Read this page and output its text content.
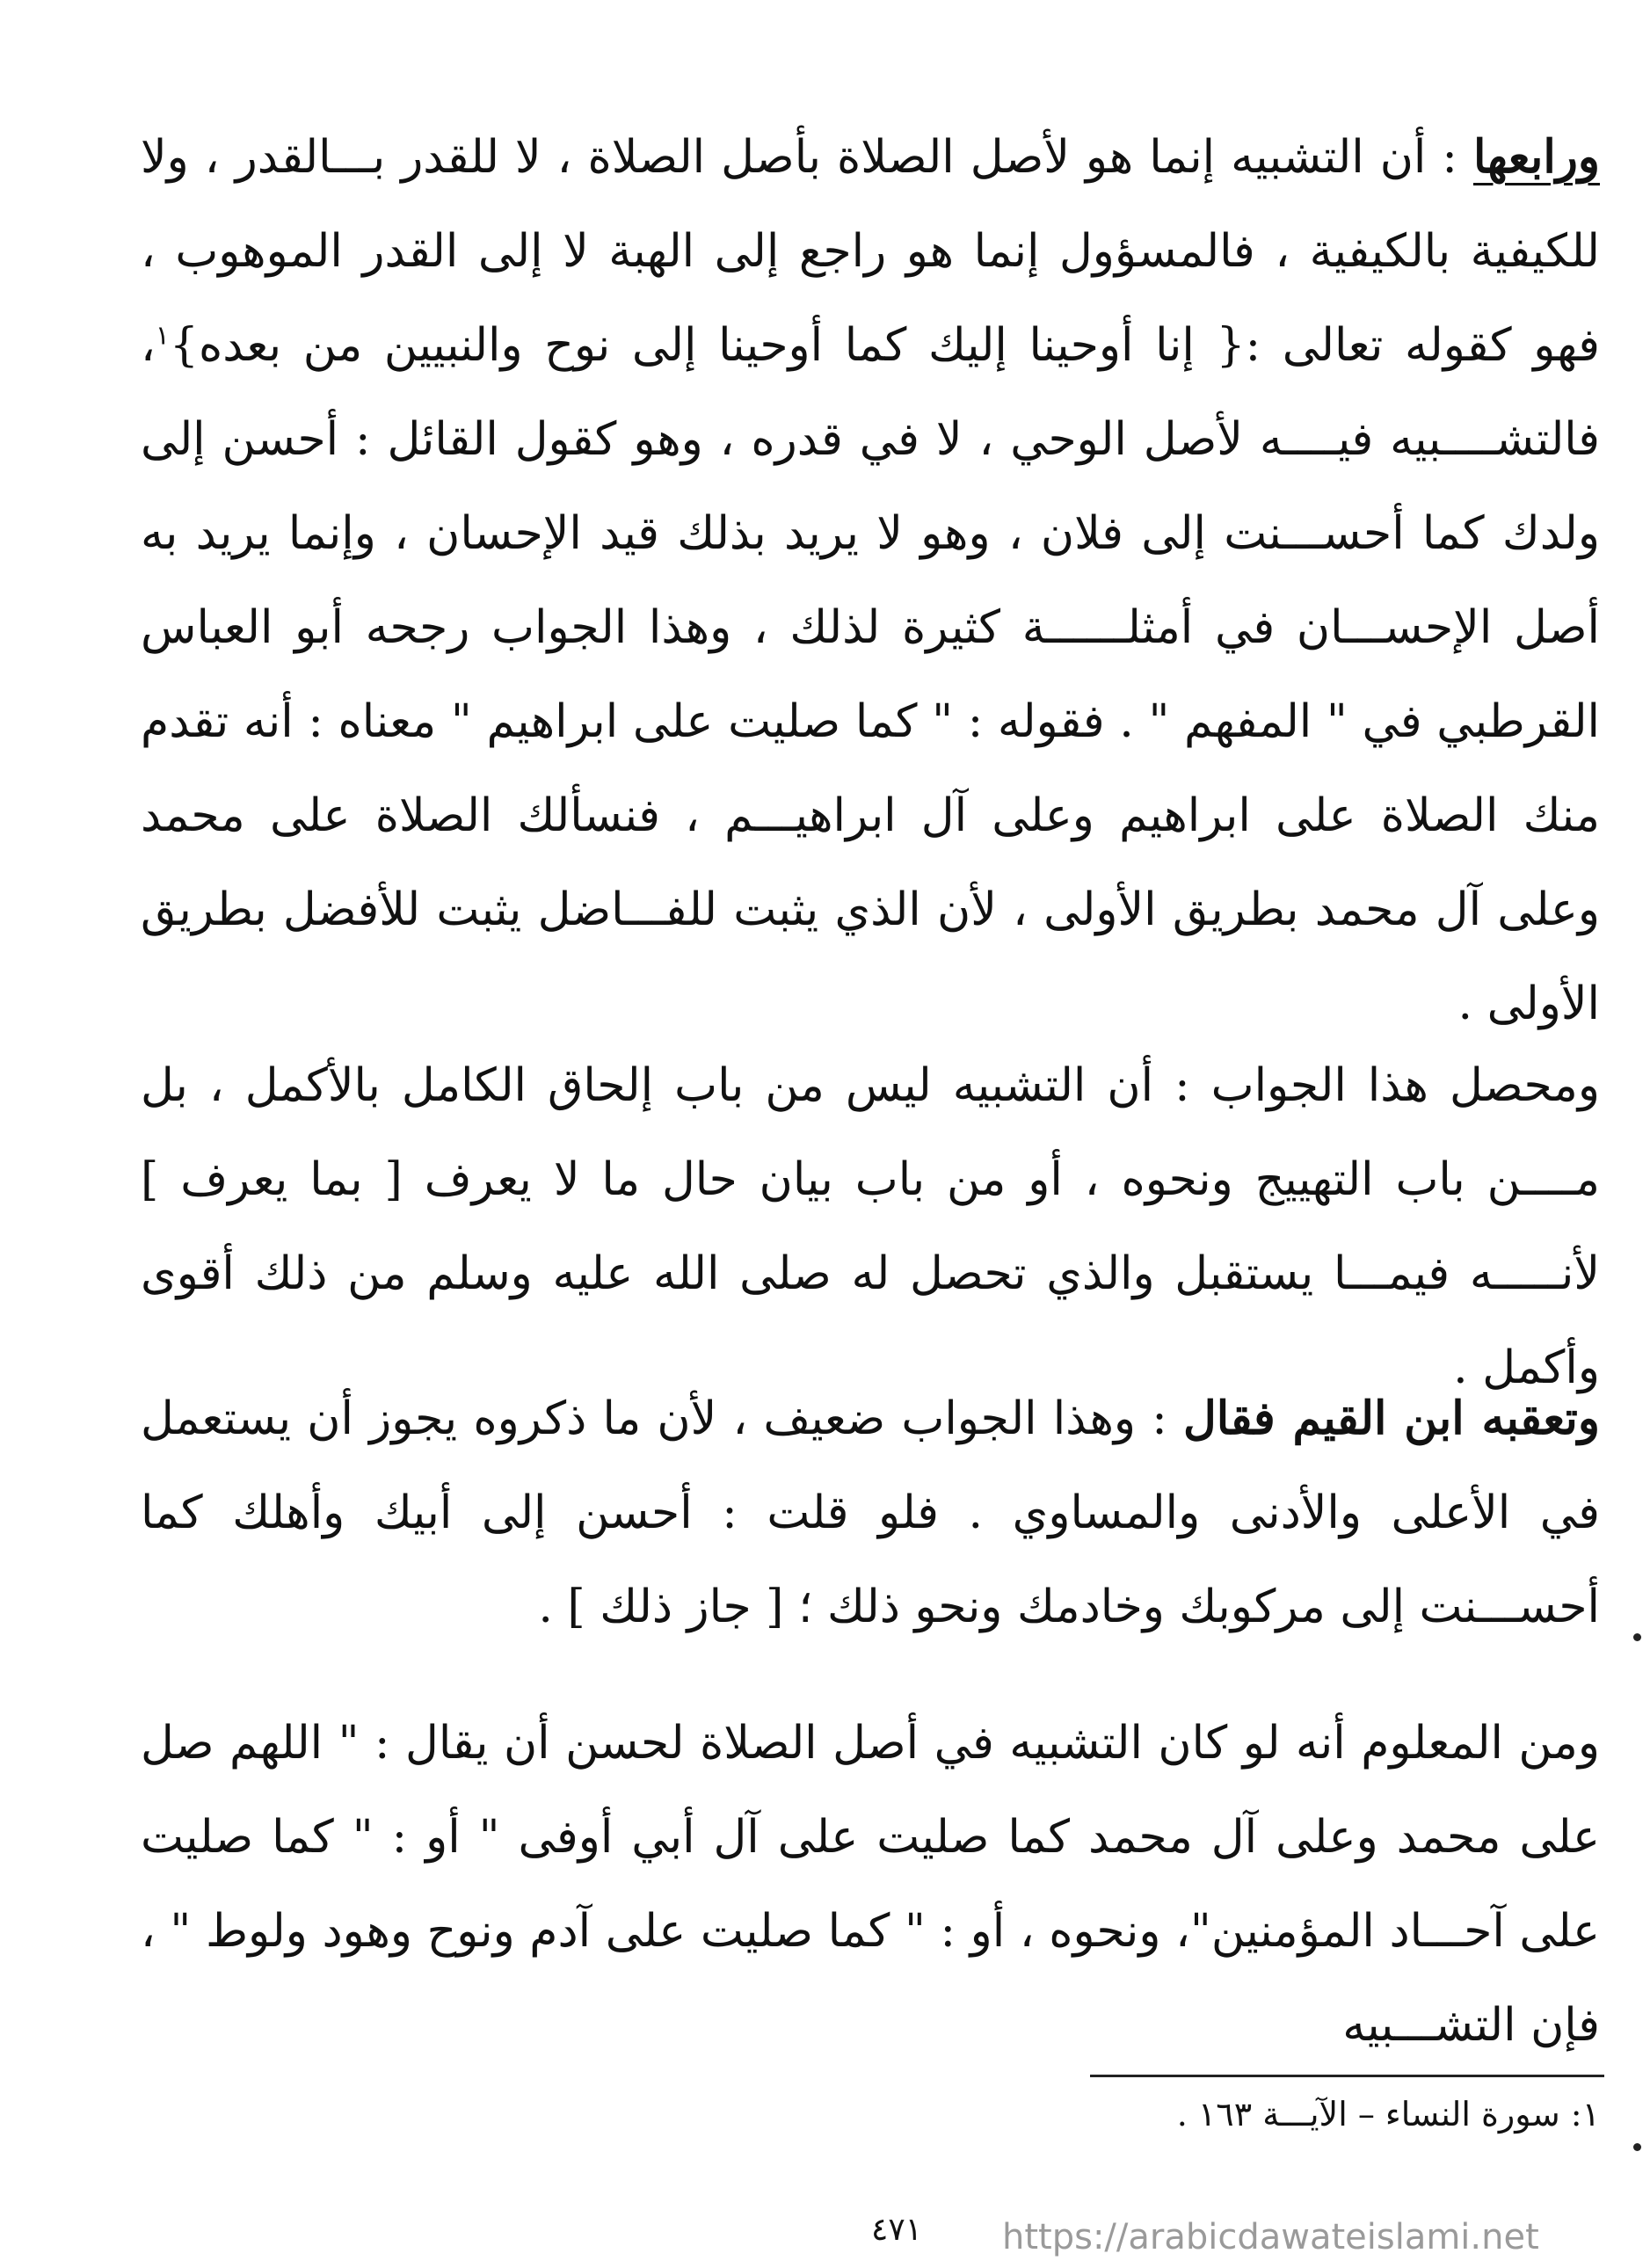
ورابعها : أن التشبيه إنما هو لأصل الصلاة بأصل الصلاة ، لا للقدر بـــالقدر ، ولا للكيفية بالكيفية ، فالمسؤول إنما هو راجع إلى الهبة لا إلى القدر الموهوب ، فهو كقوله تعالى :{ إنا أوحينا إليك كما أوحينا إلى نوح والنبيين من بعده}$^١$، فالتشــــبيه فيــــه لأصل الوحي ، لا في قدره ، وهو كقول القائل : أحسن إلى ولدك كما أحســـنت إلى فلان ، وهو لا يريد بذلك قيد الإحسان ، وإنما يريد به أصل الإحســـان في أمثلــــــة كثيرة لذلك ، وهذا الجواب رجحه أبو العباس القرطبي في " المفهم " . فقوله : " كما صليت على ابراهيم " معناه : أنه تقدم منك الصلاة على ابراهيم وعلى آل ابراهيـــم ، فنسألك الصلاة على محمد وعلى آل محمد بطريق الأولى ، لأن الذي يثبت للفـــاضل يثبت للأفضل بطريق الأولى .

ومحصل هذا الجواب : أن التشبيه ليس من باب إلحاق الكامل بالأكمل ، بل مــــن باب التهييج ونحوه ، أو من باب بيان حال ما لا يعرف [ بما يعرف ] لأنـــــه فيمـــا يستقبل والذي تحصل له صلى الله عليه وسلم من ذلك أقوى وأكمل .

وتعقبه ابن القيم فقال : وهذا الجواب ضعيف ، لأن ما ذكروه يجوز أن يستعمل في الأعلى والأدنى والمساوي . فلو قلت : أحسن إلى أبيك وأهلك كما أحســـنت إلى مركوبك وخادمك ونحو ذلك ؛ [ جاز ذلك ] .

ومن المعلوم أنه لو كان التشبيه في أصل الصلاة لحسن أن يقال : " اللهم صل على محمد وعلى آل محمد كما صليت على آل أبي أوفى " أو : " كما صليت على آحـــاد المؤمنين"، ونحوه ، أو : " كما صليت على آدم ونوح وهود ولوط " ، فإن التشـــبيه

١: سورة النساء – الآيـــة ١٦٣ .
٤٧١	https://arabicdawateislami.net
